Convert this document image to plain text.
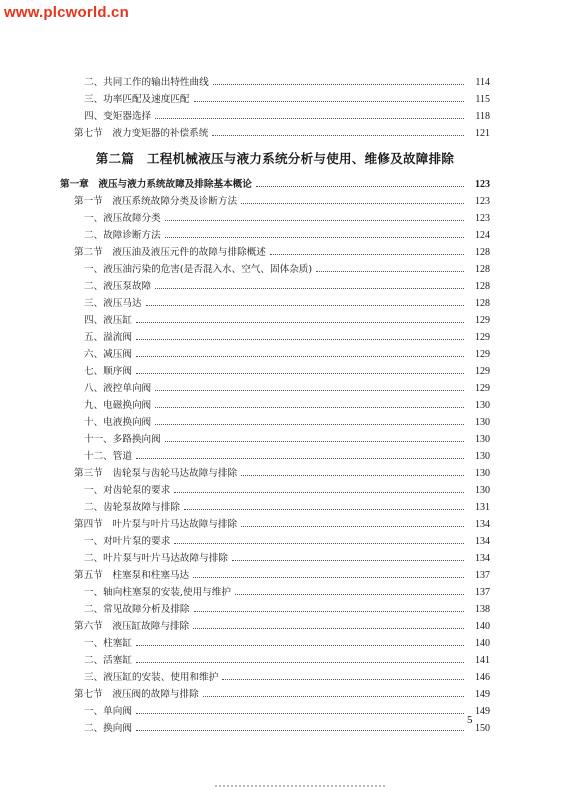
www.plcworld.cn
二、共同工作的输出特性曲线	114
三、功率匹配及速度匹配	115
四、变矩器选择	118
第七节　液力变矩器的补偿系统	121
第二篇　工程机械液压与液力系统分析与使用、维修及故障排除
第一章　液压与液力系统故障及排除基本概论	123
第一节　液压系统故障分类及诊断方法	123
一、液压故障分类	123
二、故障诊断方法	124
第二节　液压油及液压元件的故障与排除概述	128
一、液压油污染的危害(是否混入水、空气、固体杂质)	128
二、液压泵故障	128
三、液压马达	128
四、液压缸	129
五、溢流阀	129
六、减压阀	129
七、顺序阀	129
八、液控单向阀	129
九、电磁换向阀	130
十、电液换向阀	130
十一、多路换向阀	130
十二、管道	130
第三节　齿轮泵与齿轮马达故障与排除	130
一、对齿轮泵的要求	130
二、齿轮泵故障与排除	131
第四节　叶片泵与叶片马达故障与排除	134
一、对叶片泵的要求	134
二、叶片泵与叶片马达故障与排除	134
第五节　柱塞泵和柱塞马达	137
一、轴向柱塞泵的安装,使用与维护	137
二、常见故障分析及排除	138
第六节　液压缸故障与排除	140
一、柱塞缸	140
二、活塞缸	141
三、液压缸的安装、使用和维护	146
第七节　液压阀的故障与排除	149
一、单向阀	149
二、换向阀	150
5
